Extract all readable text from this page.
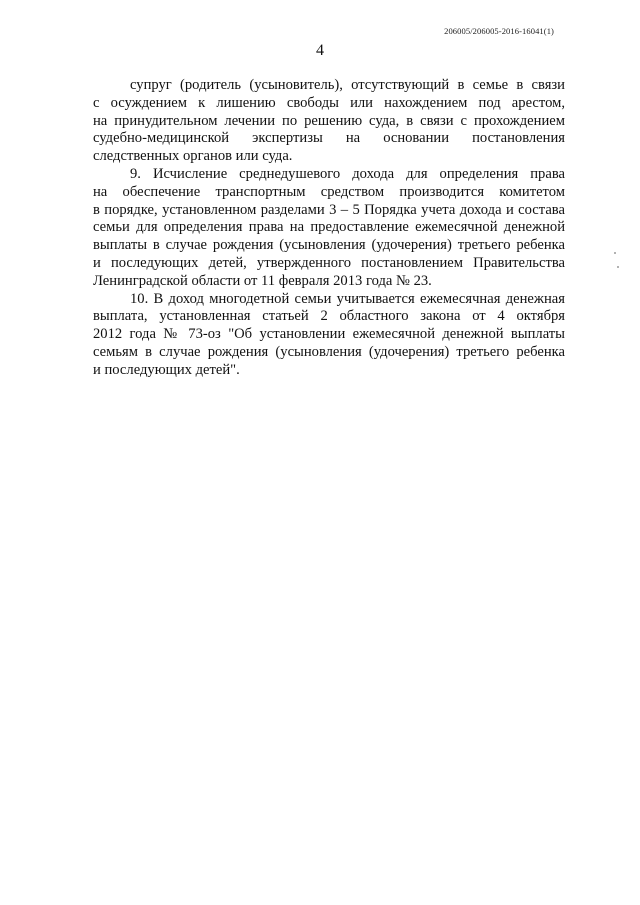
206005/206005-2016-16041(1)
4
супруг (родитель (усыновитель), отсутствующий в семье в связи
с осуждением к лишению свободы или нахождением под арестом,
на принудительном лечении по решению суда, в связи с прохождением
судебно-медицинской экспертизы на основании постановления
следственных органов или суда.
9. Исчисление среднедушевого дохода для определения права
на обеспечение транспортным средством производится комитетом
в порядке, установленном разделами 3 – 5 Порядка учета дохода и состава
семьи для определения права на предоставление ежемесячной денежной
выплаты в случае рождения (усыновления (удочерения) третьего ребенка
и последующих детей, утвержденного постановлением Правительства
Ленинградской области от 11 февраля 2013 года № 23.
10. В доход многодетной семьи учитывается ежемесячная денежная
выплата, установленная статьей 2 областного закона от 4 октября
2012 года № 73-оз "Об установлении ежемесячной денежной выплаты
семьям в случае рождения (усыновления (удочерения) третьего ребенка
и последующих детей".
